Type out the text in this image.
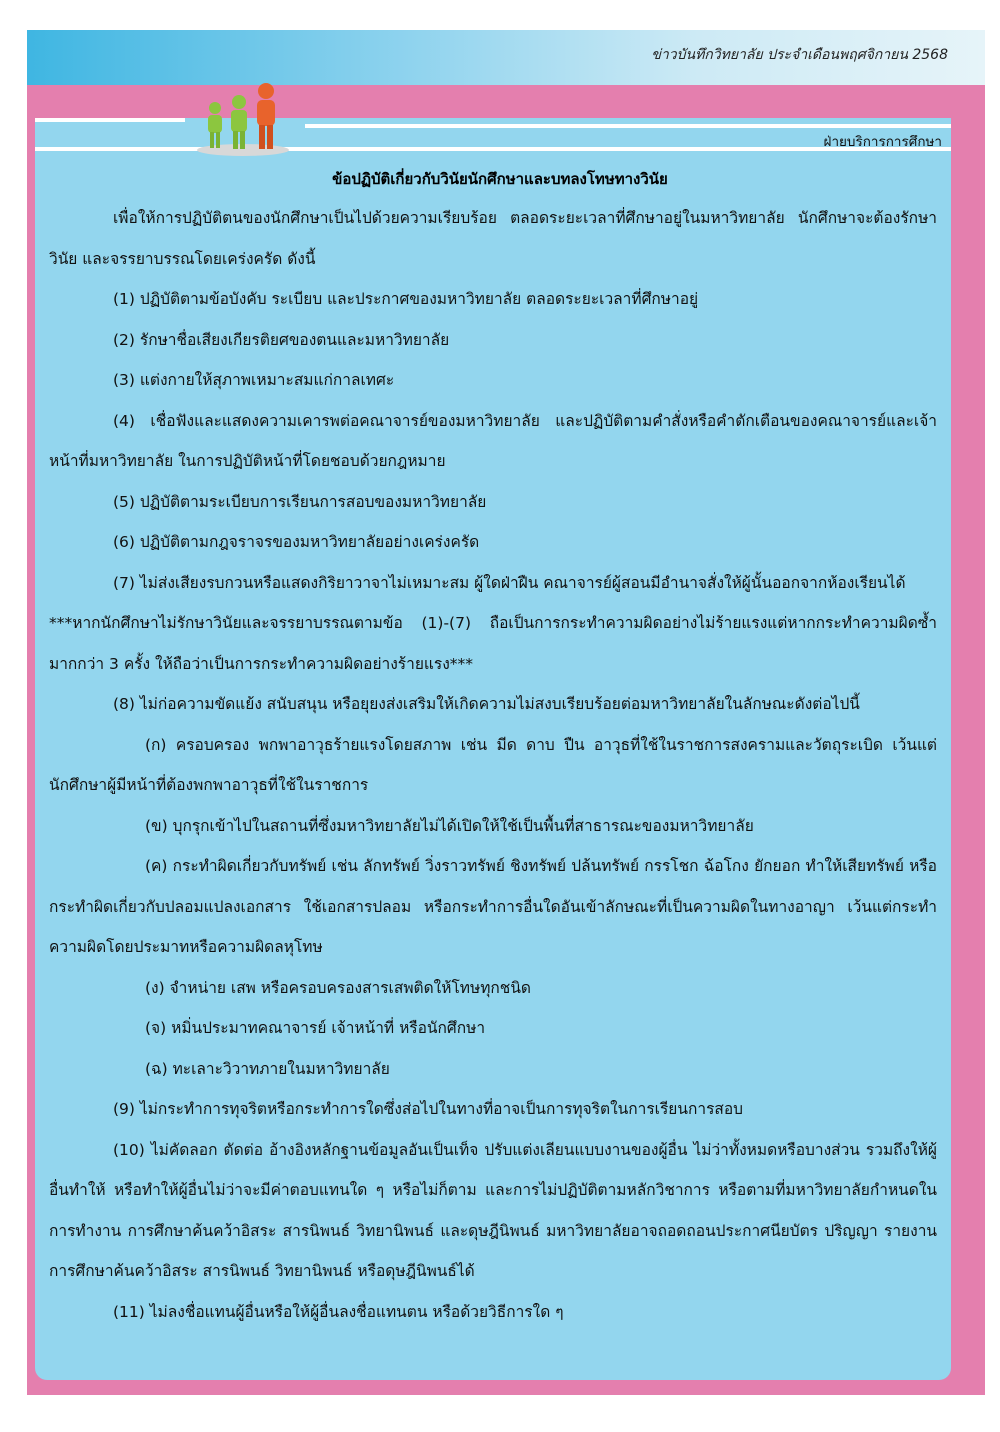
ข่าวบันทึกวิทยาลัย ประจำเดือนพฤศจิกายน 2568
ฝ่ายบริการการศึกษา
ข้อปฏิบัติเกี่ยวกับวินัยนักศึกษาและบทลงโทษทางวินัย

เพื่อให้การปฏิบัติตนของนักศึกษาเป็นไปด้วยความเรียบร้อย ตลอดระยะเวลาที่ศึกษาอยู่ในมหาวิทยาลัย นักศึกษาจะต้องรักษาวินัย และจรรยาบรรณโดยเคร่งครัด ดังนี้

(1) ปฏิบัติตามข้อบังคับ ระเบียบ และประกาศของมหาวิทยาลัย ตลอดระยะเวลาที่ศึกษาอยู่

(2) รักษาชื่อเสียงเกียรติยศของตนและมหาวิทยาลัย

(3) แต่งกายให้สุภาพเหมาะสมแก่กาลเทศะ

(4) เชื่อฟังและแสดงความเคารพต่อคณาจารย์ของมหาวิทยาลัย และปฏิบัติตามคำสั่งหรือคำตักเตือนของคณาจารย์และเจ้าหน้าที่มหาวิทยาลัย ในการปฏิบัติหน้าที่โดยชอบด้วยกฎหมาย

(5) ปฏิบัติตามระเบียบการเรียนการสอบของมหาวิทยาลัย

(6) ปฏิบัติตามกฎจราจรของมหาวิทยาลัยอย่างเคร่งครัด

(7) ไม่ส่งเสียงรบกวนหรือแสดงกิริยาวาจาไม่เหมาะสม ผู้ใดฝ่าฝืน คณาจารย์ผู้สอนมีอำนาจสั่งให้ผู้นั้นออกจากห้องเรียนได้

***หากนักศึกษาไม่รักษาวินัยและจรรยาบรรณตามข้อ (1)-(7) ถือเป็นการกระทำความผิดอย่างไม่ร้ายแรงแต่หากกระทำความผิดซ้ำมากกว่า 3 ครั้ง ให้ถือว่าเป็นการกระทำความผิดอย่างร้ายแรง***

(8) ไม่ก่อความขัดแย้ง สนับสนุน หรือยุยงส่งเสริมให้เกิดความไม่สงบเรียบร้อยต่อมหาวิทยาลัยในลักษณะดังต่อไปนี้

(ก) ครอบครอง พกพาอาวุธร้ายแรงโดยสภาพ เช่น มีด ดาบ ปืน อาวุธที่ใช้ในราชการสงครามและวัตถุระเบิด เว้นแต่นักศึกษาผู้มีหน้าที่ต้องพกพาอาวุธที่ใช้ในราชการ

(ข) บุกรุกเข้าไปในสถานที่ซึ่งมหาวิทยาลัยไม่ได้เปิดให้ใช้เป็นพื้นที่สาธารณะของมหาวิทยาลัย

(ค) กระทำผิดเกี่ยวกับทรัพย์ เช่น ลักทรัพย์ วิ่งราวทรัพย์ ชิงทรัพย์ ปล้นทรัพย์ กรรโชก ฉ้อโกง ยักยอก ทำให้เสียทรัพย์ หรือกระทำผิดเกี่ยวกับปลอมแปลงเอกสาร ใช้เอกสารปลอม หรือกระทำการอื่นใดอันเข้าลักษณะที่เป็นความผิดในทางอาญา เว้นแต่กระทำความผิดโดยประมาทหรือความผิดลหุโทษ

(ง) จำหน่าย เสพ หรือครอบครองสารเสพติดให้โทษทุกชนิด

(จ) หมิ่นประมาทคณาจารย์ เจ้าหน้าที่ หรือนักศึกษา

(ฉ) ทะเลาะวิวาทภายในมหาวิทยาลัย

(9) ไม่กระทำการทุจริตหรือกระทำการใดซึ่งส่อไปในทางที่อาจเป็นการทุจริตในการเรียนการสอบ

(10) ไม่คัดลอก ตัดต่อ อ้างอิงหลักฐานข้อมูลอันเป็นเท็จ ปรับแต่งเลียนแบบงานของผู้อื่น ไม่ว่าทั้งหมดหรือบางส่วน รวมถึงให้ผู้อื่นทำให้ หรือทำให้ผู้อื่นไม่ว่าจะมีค่าตอบแทนใด ๆ หรือไม่ก็ตาม และการไม่ปฏิบัติตามหลักวิชาการ หรือตามที่มหาวิทยาลัยกำหนดในการทำงาน การศึกษาค้นคว้าอิสระ สารนิพนธ์ วิทยานิพนธ์ และดุษฎีนิพนธ์ มหาวิทยาลัยอาจถอดถอนประกาศนียบัตร ปริญญา รายงานการศึกษาค้นคว้าอิสระ สารนิพนธ์ วิทยานิพนธ์ หรือดุษฎีนิพนธ์ได้

(11) ไม่ลงชื่อแทนผู้อื่นหรือให้ผู้อื่นลงชื่อแทนตน หรือด้วยวิธีการใด ๆ
